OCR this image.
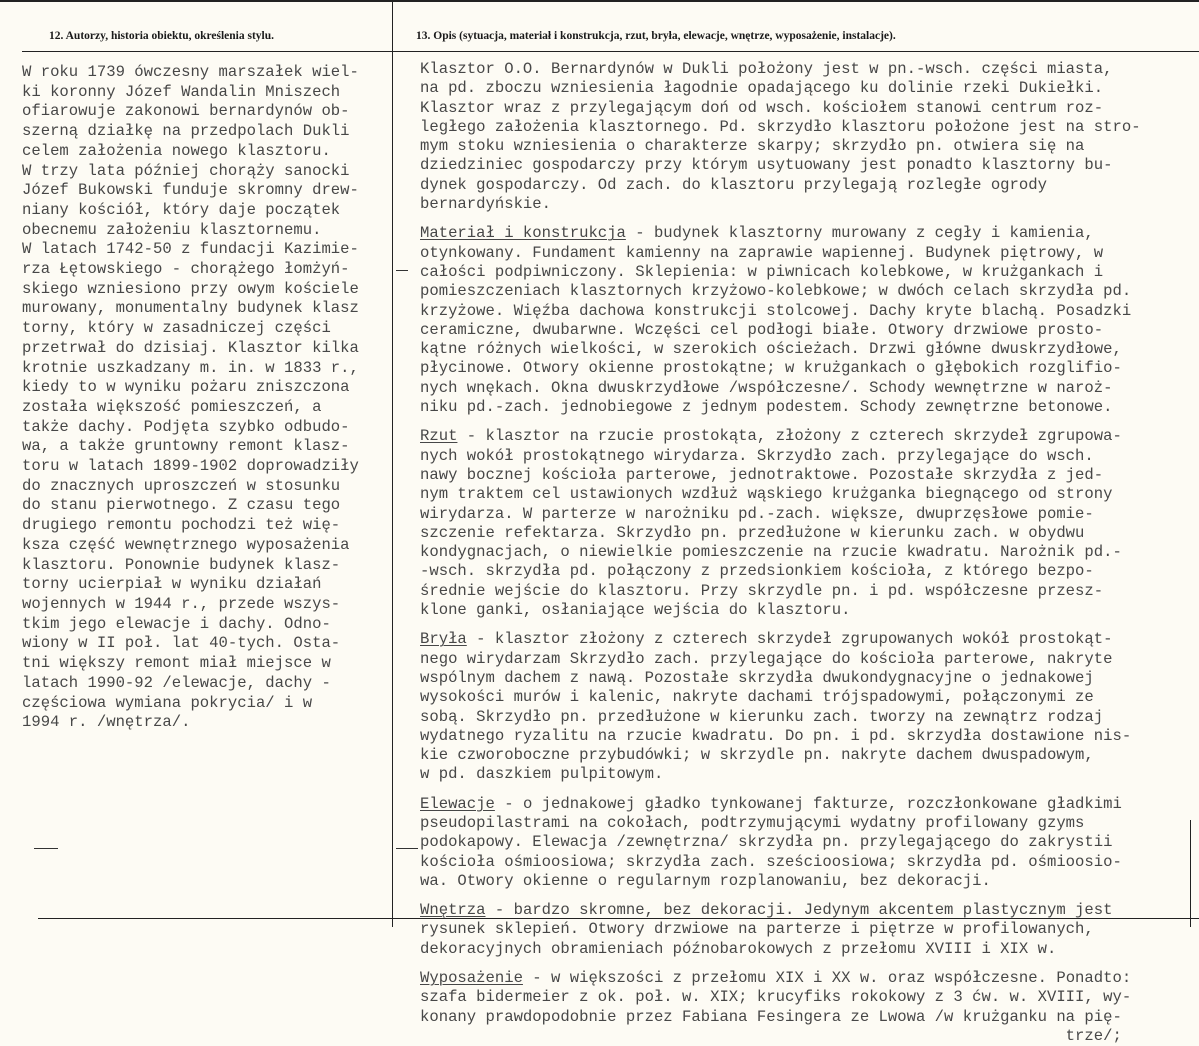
12. Autorzy, historia obiektu, określenia stylu.	13. Opis (sytuacja, materiał i konstrukcja, rzut, bryła, elewacje, wnętrze, wyposażenie, instalacje).
W roku 1739 ówczesny marszałek wiel-
ki koronny Józef Wandalin Mniszech
ofiarowuje zakonowi bernardynów ob-
szerną działkę na przedpolach Dukli
celem założenia nowego klasztoru.
W trzy lata później chorąży sanocki
Józef Bukowski funduje skromny drew-
niany kościół, który daje początek
obecnemu założeniu klasztornemu.
W latach 1742-50 z fundacji Kazimie-
rza Łętowskiego - chorążego łomżyń-
skiego wzniesiono przy owym kościele
murowany, monumentalny budynek klasz
torny, który w zasadniczej części
przetrwał do dzisiaj. Klasztor kilka
krotnie uszkadzany m. in. w 1833 r.,
kiedy to w wyniku pożaru zniszczona
została większość pomieszczeń, a
także dachy. Podjęta szybko odbudo-
wa, a także gruntowny remont klasz-
toru w latach 1899-1902 doprowadziły
do znacznych uproszczeń w stosunku
do stanu pierwotnego. Z czasu tego
drugiego remontu pochodzi też wię-
ksza część wewnętrznego wyposażenia
klasztoru. Ponownie budynek klasz-
torny ucierpiał w wyniku działań
wojennych w 1944 r., przede wszys-
tkim jego elewacje i dachy. Odno-
wiony w II poł. lat 40-tych. Osta-
tni większy remont miał miejsce w
latach 1990-92 /elewacje, dachy -
częściowa wymiana pokrycia/ i w
1994 r. /wnętrza/.
Klasztor O.O. Bernardynów w Dukli położony jest w pn.-wsch. części miasta,
na pd. zboczu wzniesienia łagodnie opadającego ku dolinie rzeki Dukiełki.
Klasztor wraz z przylegającym doń od wsch. kościołem stanowi centrum roz-
ległego założenia klasztornego. Pd. skrzydło klasztoru położone jest na stro-
mym stoku wzniesienia o charakterze skarpy; skrzydło pn. otwiera się na
dziedziniec gospodarczy przy którym usytuowany jest ponadto klasztorny bu-
dynek gospodarczy. Od zach. do klasztoru przylegają rozległe ogrody
bernardyńskie.
Materiał i konstrukcja - budynek klasztorny murowany z cegły i kamienia,
otynkowany. Fundament kamienny na zaprawie wapiennej. Budynek piętrowy, w
całości podpiwniczony. Sklepienia: w piwnicach kolebkowe, w krużgankach i
pomieszczeniach klasztornych krzyżowo-kolebkowe; w dwóch celach skrzydła pd.
krzyżowe. Więźba dachowa konstrukcji stolcowej. Dachy kryte blachą. Posadzki
ceramiczne, dwubarwne. Wczęści cel podłogi białe. Otwory drzwiowe prosto-
kątne różnych wielkości, w szerokich ościeżach. Drzwi główne dwuskrzydłowe,
płycinowe. Otwory okienne prostokątne; w krużgankach o głębokich rozglifio-
nych wnękach. Okna dwuskrzydłowe /współczesne/. Schody wewnętrzne w naroż-
niku pd.-zach. jednobiegowe z jednym podestem. Schody zewnętrzne betonowe.
Rzut - klasztor na rzucie prostokąta, złożony z czterech skrzydeł zgrupowa-
nych wokół prostokątnego wirydarza. Skrzydło zach. przylegające do wsch.
nawy bocznej kościoła parterowe, jednotraktowe. Pozostałe skrzydła z jed-
nym traktem cel ustawionych wzdłuż wąskiego krużganka biegnącego od strony
wirydarza. W parterze w narożniku pd.-zach. większe, dwuprzęsłowe pomie-
szczenie refektarza. Skrzydło pn. przedłużone w kierunku zach. w obydwu
kondygnacjach, o niewielkie pomieszczenie na rzucie kwadratu. Narożnik pd.-
-wsch. skrzydła pd. połączony z przedsionkiem kościoła, z którego bezpo-
średnie wejście do klasztoru. Przy skrzydle pn. i pd. współczesne przesz-
klone ganki, osłaniające wejścia do klasztoru.
Bryła - klasztor złożony z czterech skrzydeł zgrupowanych wokół prostokąt-
nego wirydarzam Skrzydło zach. przylegające do kościoła parterowe, nakryte
wspólnym dachem z nawą. Pozostałe skrzydła dwukondygnacyjne o jednakowej
wysokości murów i kalenic, nakryte dachami trójspadowymi, połączonymi ze
sobą. Skrzydło pn. przedłużone w kierunku zach. tworzy na zewnątrz rodzaj
wydatnego ryzalitu na rzucie kwadratu. Do pn. i pd. skrzydła dostawione nis-
kie czworoboczne przybudówki; w skrzydle pn. nakryte dachem dwuspadowym,
w pd. daszkiem pulpitowym.
Elewacje - o jednakowej gładko tynkowanej fakturze, rozczłonkowane gładkimi
pseudopilastrami na cokołach, podtrzymującymi wydatny profilowany gzyms
podokapowy. Elewacja /zewnętrzna/ skrzydła pn. przylegającego do zakrystii
kościoła ośmioosiowa; skrzydła zach. sześcioosiowa; skrzydła pd. ośmioosio-
wa. Otwory okienne o regularnym rozplanowaniu, bez dekoracji.
Wnętrza - bardzo skromne, bez dekoracji. Jedynym akcentem plastycznym jest
rysunek sklepień. Otwory drzwiowe na parterze i piętrze w profilowanych,
dekoracyjnych obramieniach późnobarokowych z przełomu XVIII i XIX w.
Wyposażenie - w większości z przełomu XIX i XX w. oraz współczesne. Ponadto:
szafa bidermeier z ok. poł. w. XIX; krucyfiks rokokowy z 3 ćw. w. XVIII, wy-
konany prawdopodobnie przez Fabiana Fesingera ze Lwowa /w krużganku na pię-
trze/;
